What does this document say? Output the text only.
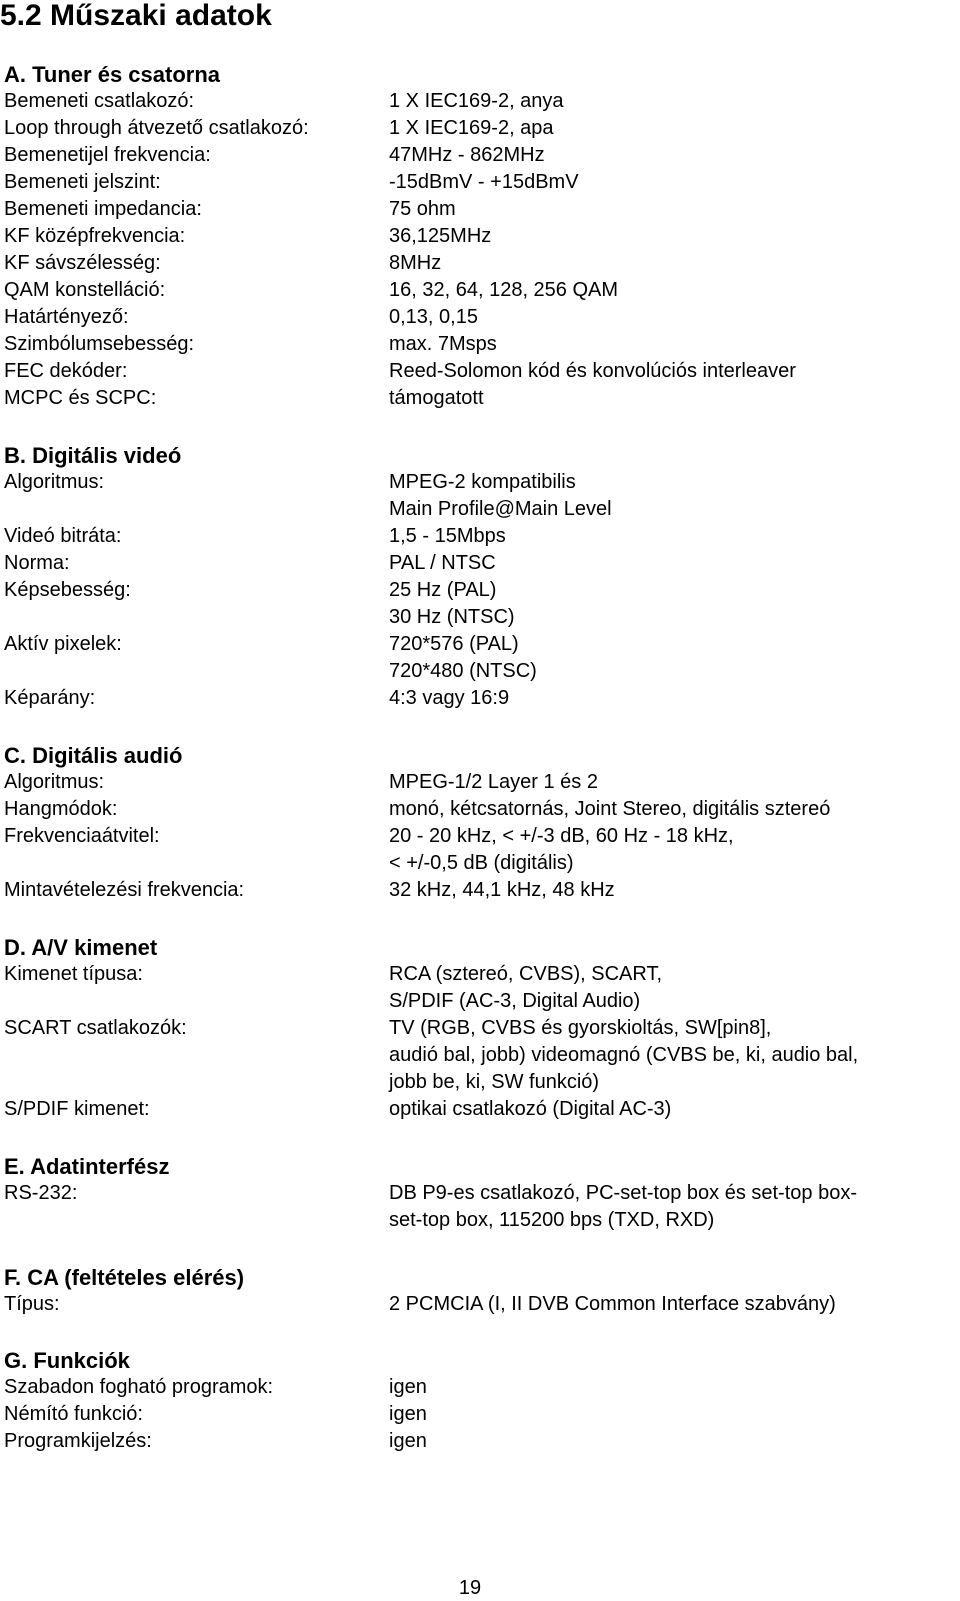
5.2 Műszaki adatok
A. Tuner és csatorna
Bemeneti csatlakozó:	1 X IEC169-2, anya
Loop through átvezető csatlakozó:	1 X IEC169-2, apa
Bemenetijel frekvencia:	47MHz - 862MHz
Bemeneti jelszint:	-15dBmV - +15dBmV
Bemeneti impedancia:	75 ohm
KF középfrekvencia:	36,125MHz
KF sávszélesség:	8MHz
QAM konstelláció:	16, 32, 64, 128, 256 QAM
Határtényező:	0,13, 0,15
Szimbólumsebesség:	max. 7Msps
FEC dekóder:	Reed-Solomon kód és konvolúciós interleaver
MCPC és SCPC:	támogatott
B. Digitális videó
Algoritmus:	MPEG-2 kompatibilis
Main Profile@Main Level
Videó bitráta:	1,5 - 15Mbps
Norma:	PAL / NTSC
Képsebesség:	25 Hz (PAL)
30 Hz (NTSC)
Aktív pixelek:	720*576 (PAL)
720*480 (NTSC)
Képarány:	4:3 vagy 16:9
C. Digitális audió
Algoritmus:	MPEG-1/2 Layer 1 és 2
Hangmódok:	monó, kétcsatornás, Joint Stereo, digitális sztereó
Frekvenciaátvitel:	20 - 20 kHz, < +/-3 dB, 60 Hz - 18 kHz,
< +/-0,5 dB (digitális)
Mintavételezési frekvencia:	32 kHz, 44,1 kHz, 48 kHz
D. A/V kimenet
Kimenet típusa:	RCA (sztereó, CVBS), SCART,
S/PDIF (AC-3, Digital Audio)
SCART csatlakozók:	TV (RGB, CVBS és gyorskioltás, SW[pin8],
audió bal, jobb) videomagnó (CVBS be, ki, audio bal,
jobb be, ki, SW funkció)
S/PDIF kimenet:	optikai csatlakozó (Digital AC-3)
E. Adatinterfész
RS-232:	DB P9-es csatlakozó, PC-set-top box és set-top box-
set-top box, 115200 bps (TXD, RXD)
F. CA (feltételes elérés)
Típus:	2 PCMCIA (I, II DVB Common Interface szabvány)
G. Funkciók
Szabadon fogható programok:	igen
Némító funkció:	igen
Programkijelzés:	igen
19
